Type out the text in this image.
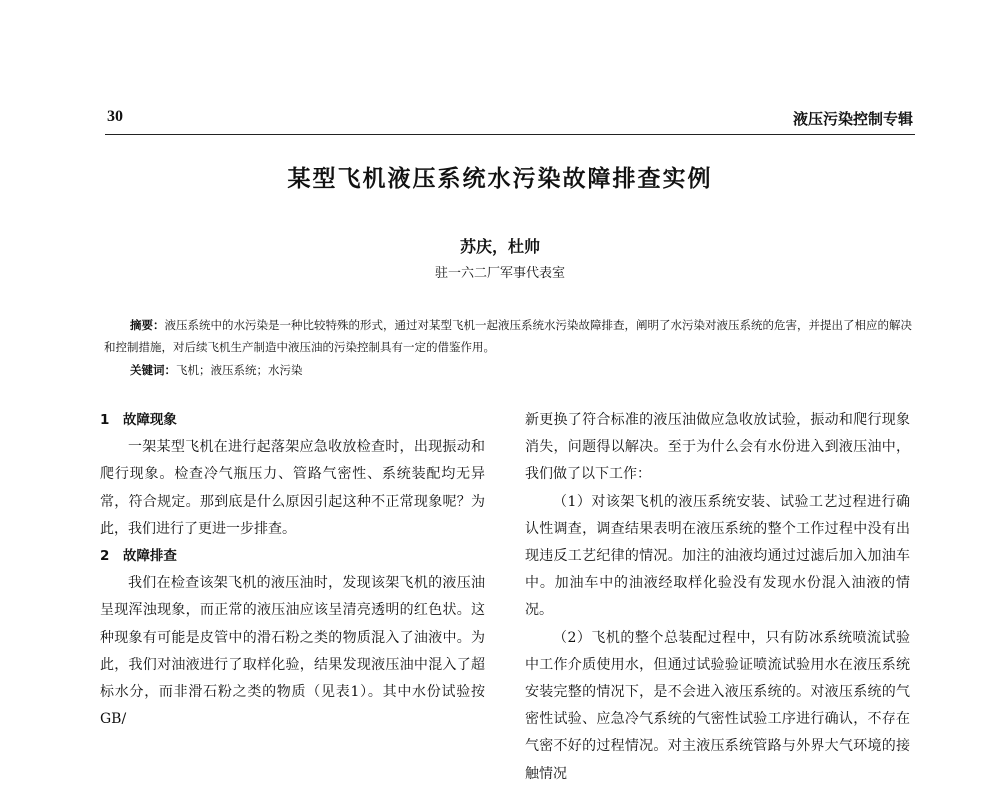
30	液压污染控制专辑
某型飞机液压系统水污染故障排查实例
苏庆，杜帅
驻一六二厂军事代表室

摘要：液压系统中的水污染是一种比较特殊的形式，通过对某型飞机一起液压系统水污染故障排查，阐明了水污染对液压系统的危害，并提出了相应的解决和控制措施，对后续飞机生产制造中液压油的污染控制具有一定的借鉴作用。

关键词：飞机；液压系统；水污染
1　故障现象

一架某型飞机在进行起落架应急收放检查时，出现振动和爬行现象。检查冷气瓶压力、管路气密性、系统装配均无异常，符合规定。那到底是什么原因引起这种不正常现象呢？为此，我们进行了更进一步排查。

2　故障排查

我们在检查该架飞机的液压油时，发现该架飞机的液压油呈现浑浊现象，而正常的液压油应该呈清亮透明的红色状。这种现象有可能是皮管中的滑石粉之类的物质混入了油液中。为此，我们对油液进行了取样化验，结果发现液压油中混入了超标水分，而非滑石粉之类的物质（见表1）。其中水份试验按GB/

新更换了符合标准的液压油做应急收放试验，振动和爬行现象消失，问题得以解决。至于为什么会有水份进入到液压油中，我们做了以下工作：

（1）对该架飞机的液压系统安装、试验工艺过程进行确认性调查，调查结果表明在液压系统的整个工作过程中没有出现违反工艺纪律的情况。加注的油液均通过过滤后加入加油车中。加油车中的油液经取样化验没有发现水份混入油液的情况。

（2）飞机的整个总装配过程中，只有防冰系统喷流试验中工作介质使用水，但通过试验验证喷流试验用水在液压系统安装完整的情况下，是不会进入液压系统的。对液压系统的气密性试验、应急冷气系统的气密性试验工序进行确认，不存在气密不好的过程情况。对主液压系统管路与外界大气环境的接触情况
